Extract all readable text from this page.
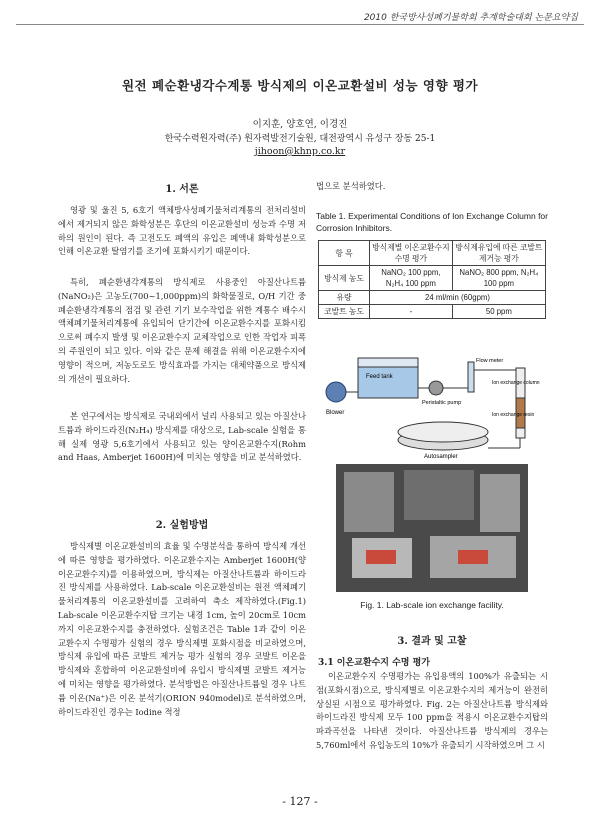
2010 한국방사성폐기물학회 추계학술대회 논문요약집
원전 폐순환냉각수계통 방식제의 이온교환설비 성능 영향 평가
이지훈, 양호연, 이경진
한국수력원자력(주) 원자력발전기술원, 대전광역시 유성구 장동 25-1
jihoon@khnp.co.kr
1. 서론
영광 및 울진 5, 6호기 액체방사성폐기물처리계통의 전처리설비에서 제거되지 않은 화학성분은 후단의 이온교환설비 성능과 수명 저하의 원인이 된다. 즉 고전도도 폐액의 유입은 폐액내 화학성분으로 인해 이온교환 탈염기를 조기에 포화시키기 때문이다.
특히, 폐순환냉각계통의 방식제로 사용중인 아질산나트륨(NaNO₂)은 고농도(700~1,000ppm)의 화학물질로, O/H 기간 중 폐순환냉각계통의 점검 및 관련 기기 보수작업을 위한 계통수 배수시 액체폐기물처리계통에 유입되어 단기간에 이온교환수지를 포화시킴으로써 폐수지 발생 및 이온교환수지 교체작업으로 인한 작업자 피폭의 주원인이 되고 있다. 이와 같은 문제 해결을 위해 이온교환수지에 영향이 적으며, 저농도로도 방식효과를 가지는 대체약품으로 방식제의 개선이 필요하다.
본 연구에서는 방식제로 국내외에서 널리 사용되고 있는 아질산나트륨과 하이드라진(N₂H₄) 방식제를 대상으로, Lab-scale 실험을 통해 실제 영광 5,6호기에서 사용되고 있는 양이온교환수지(Rohm and Haas, Amberjet 1600H)에 미치는 영향을 비교 분석하였다.
2. 실험방법
방식제별 이온교환설비의 효율 및 수명분석을 통하여 방식제 개선에 따른 영향을 평가하였다. 이온교환수지는 Amberjet 1600H(양이온교환수지)를 이용하였으며, 방식제는 아질산나트륨과 하이드라진 방식제를 사용하였다. Lab-scale 이온교환설비는 원전 액체폐기물처리계통의 이온교환설비를 고려하여 축소 제작하였다.(Fig.1) Lab-scale 이온교환수지탑 크기는 내경 1cm, 높이 20cm로 10cm까지 이온교환수지를 충전하였다. 실험조건은 Table 1과 같이 이온교환수지 수명평가 실험의 경우 방식제별 포화시점을 비교하였으며, 방식제 유입에 따른 코발트 제거능 평가 실험의 경우 코발트 이온을 방식제와 혼합하여 이온교환설비에 유입시 방식제별 코발트 제거능에 미치는 영향을 평가하였다. 분석방법은 아질산나트륨일 경우 나트륨 이온(Na⁺)은 이온 분석기(ORION 940model)로 분석하였으며, 하이드라진인 경우는 Iodine 적정
법으로 분석하였다.
Table 1. Experimental Conditions of Ion Exchange Column for Corrosion Inhibitors.
항 목	방식제별 이온교환수지 수명 평가	방식제유입에 따른 코발트 제거능 평가
방식제 농도	NaNO₂ 100 ppm, N₂H₄ 100 ppm	NaNO₂ 800 ppm, N₂H₄ 100 ppm
유량	24 ml/min (60gpm)	
코발트 농도	-	50 ppm
Blower
Feed tank
Peristaltic pump
Flow meter
Ion exchange column
Ion exchange resin
Autosampler
Fig. 1. Lab-scale ion exchange facility.
3. 결과 및 고찰
3.1 이온교환수지 수명 평가
이온교환수지 수명평가는 유입용액의 100%가 유출되는 시점(포화시점)으로, 방식제별로 이온교환수지의 제거능이 완전히 상실된 시점으로 평가하였다. Fig. 2는 아질산나트륨 방식제와 하이드라진 방식제 모두 100 ppm을 적용시 이온교환수지탑의 파과곡선을 나타낸 것이다. 아질산나트륨 방식제의 경우는 5,760ml에서 유입농도의 10%가 유출되기 시작하였으며 그 시
- 127 -
